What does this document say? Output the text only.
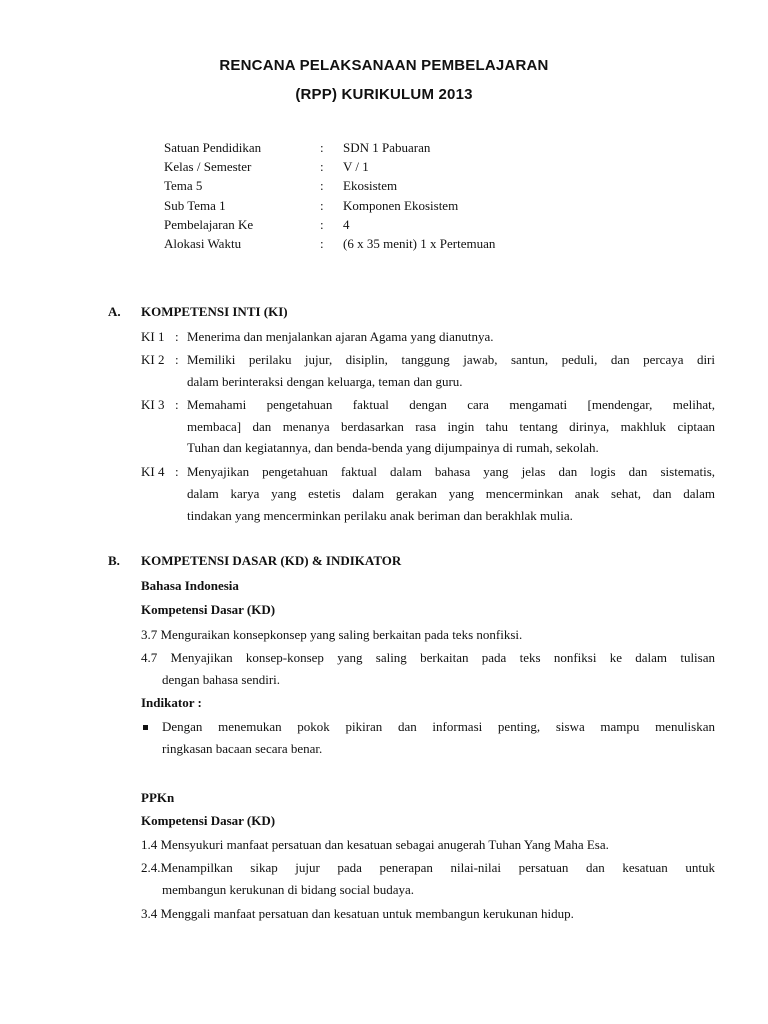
RENCANA PELAKSANAAN PEMBELAJARAN
(RPP) KURIKULUM 2013
Satuan Pendidikan	: SDN 1 Pabuaran
Kelas / Semester	: V / 1
Tema 5	: Ekosistem
Sub Tema 1	: Komponen Ekosistem
Pembelajaran Ke	: 4
Alokasi Waktu	: (6 x 35 menit) 1 x Pertemuan
A. KOMPETENSI INTI (KI)
KI 1 : Menerima dan menjalankan ajaran Agama yang dianutnya.
KI 2 : Memiliki perilaku jujur, disiplin, tanggung jawab, santun, peduli, dan percaya diri
dalam berinteraksi dengan keluarga, teman dan guru.
KI 3 : Memahami pengetahuan faktual dengan cara mengamati [mendengar, melihat,
membaca] dan menanya berdasarkan rasa ingin tahu tentang dirinya, makhluk ciptaan
Tuhan dan kegiatannya, dan benda-benda yang dijumpainya di rumah, sekolah.
KI 4 : Menyajikan pengetahuan faktual dalam bahasa yang jelas dan logis dan sistematis,
dalam karya yang estetis dalam gerakan yang mencerminkan anak sehat, dan dalam
tindakan yang mencerminkan perilaku anak beriman dan berakhlak mulia.
B. KOMPETENSI DASAR (KD) & INDIKATOR
Bahasa Indonesia
Kompetensi Dasar (KD)
3.7 Menguraikan konsepkonsep yang saling berkaitan pada teks nonfiksi.
4.7 Menyajikan konsep-konsep yang saling berkaitan pada teks nonfiksi ke dalam tulisan
dengan bahasa sendiri.
Indikator :
Dengan menemukan pokok pikiran dan informasi penting, siswa mampu menuliskan
ringkasan bacaan secara benar.
PPKn
Kompetensi Dasar (KD)
1.4 Mensyukuri manfaat persatuan dan kesatuan sebagai anugerah Tuhan Yang Maha Esa.
2.4.Menampilkan sikap jujur pada penerapan nilai-nilai persatuan dan kesatuan untuk
membangun kerukunan di bidang social budaya.
3.4 Menggali manfaat persatuan dan kesatuan untuk membangun kerukunan hidup.
